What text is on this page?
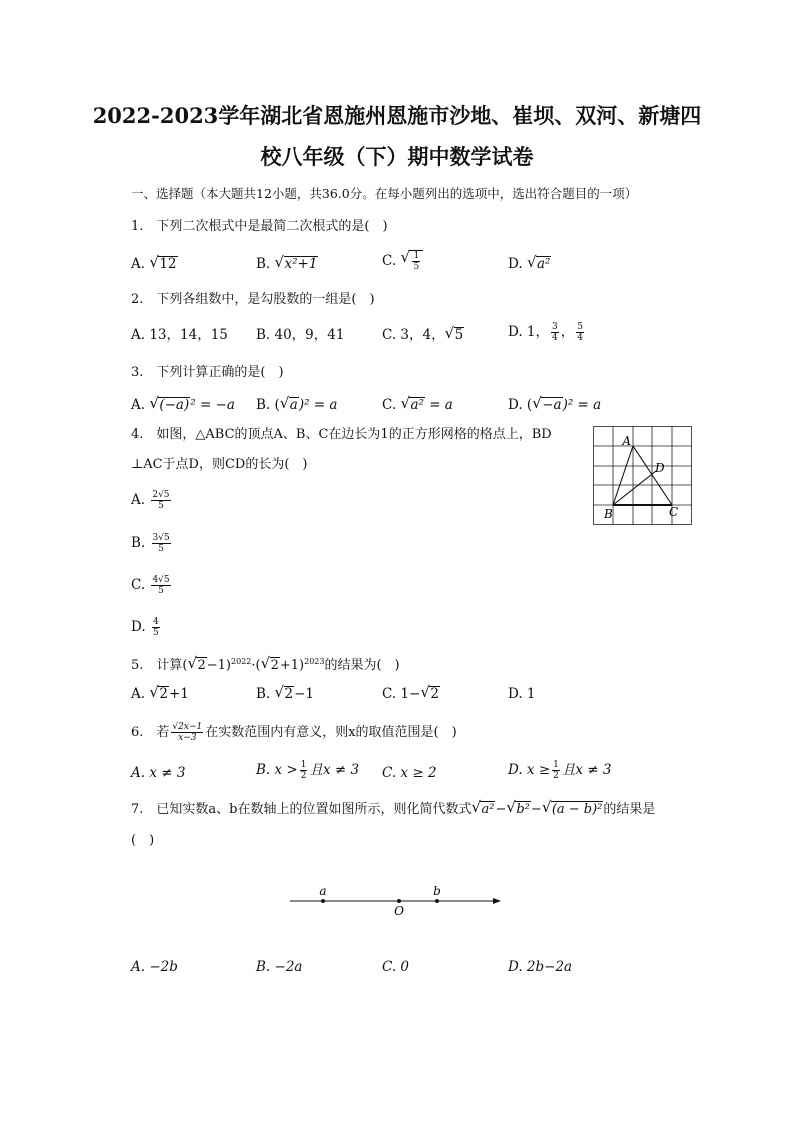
2022-2023学年湖北省恩施州恩施市沙地、崔坝、双河、新塘四
校八年级（下）期中数学试卷
一、选择题（本大题共12小题，共36.0分。在每小题列出的选项中，选出符合题目的一项）
1.　下列二次根式中是最简二次根式的是(　)
A. √ 12	B. √ x²+1	C. √ $\frac{1}{5}$	D. √ a²
2.　下列各组数中，是勾股数的一组是(　)
A. 13，14，15 B. 40，9，41	C. 3，4， √ 5	D. 1， $\frac{3}{4}$ ， $\frac{5}{4}$
3.　下列计算正确的是(　)
A. √ (−a)² = −a B. ( √ a)² = a	C. √ a² = a	D. ( √ −a)² = a
4.　如图，△ABC的顶点A、B、C在边长为1的正方形网格的格点上，BD
⊥AC于点D，则CD的长为(　)
A. $\frac{2√5}{5}$
B. $\frac{3√5}{5}$
C. $\frac{4√5}{5}$
D. $\frac{4}{5}$
A
D
B	C
5.　计算( √ 2−1)$^{2022}$·( √ 2+1)$^{2023}$的结果为(　)
A. √ 2+1	B. √ 2−1	C. 1− √ 2	D. 1
6.　若 $\frac{√2x-1}{x-3}$ 在实数范围内有意义，则x的取值范围是(　)
A. x ≠ 3	B. $x > \frac{1}{2}$ 且x ≠ 3 C. x ≥ 2	D. $x \ge \frac{1}{2}$ 且x ≠ 3
7.　已知实数a、b在数轴上的位置如图所示，则化简代数式 √ a²− √ b²− √ (a − b)²的结果是
(　)
a	b
O
A. −2b	B. −2a	C. 0	D. 2b−2a
